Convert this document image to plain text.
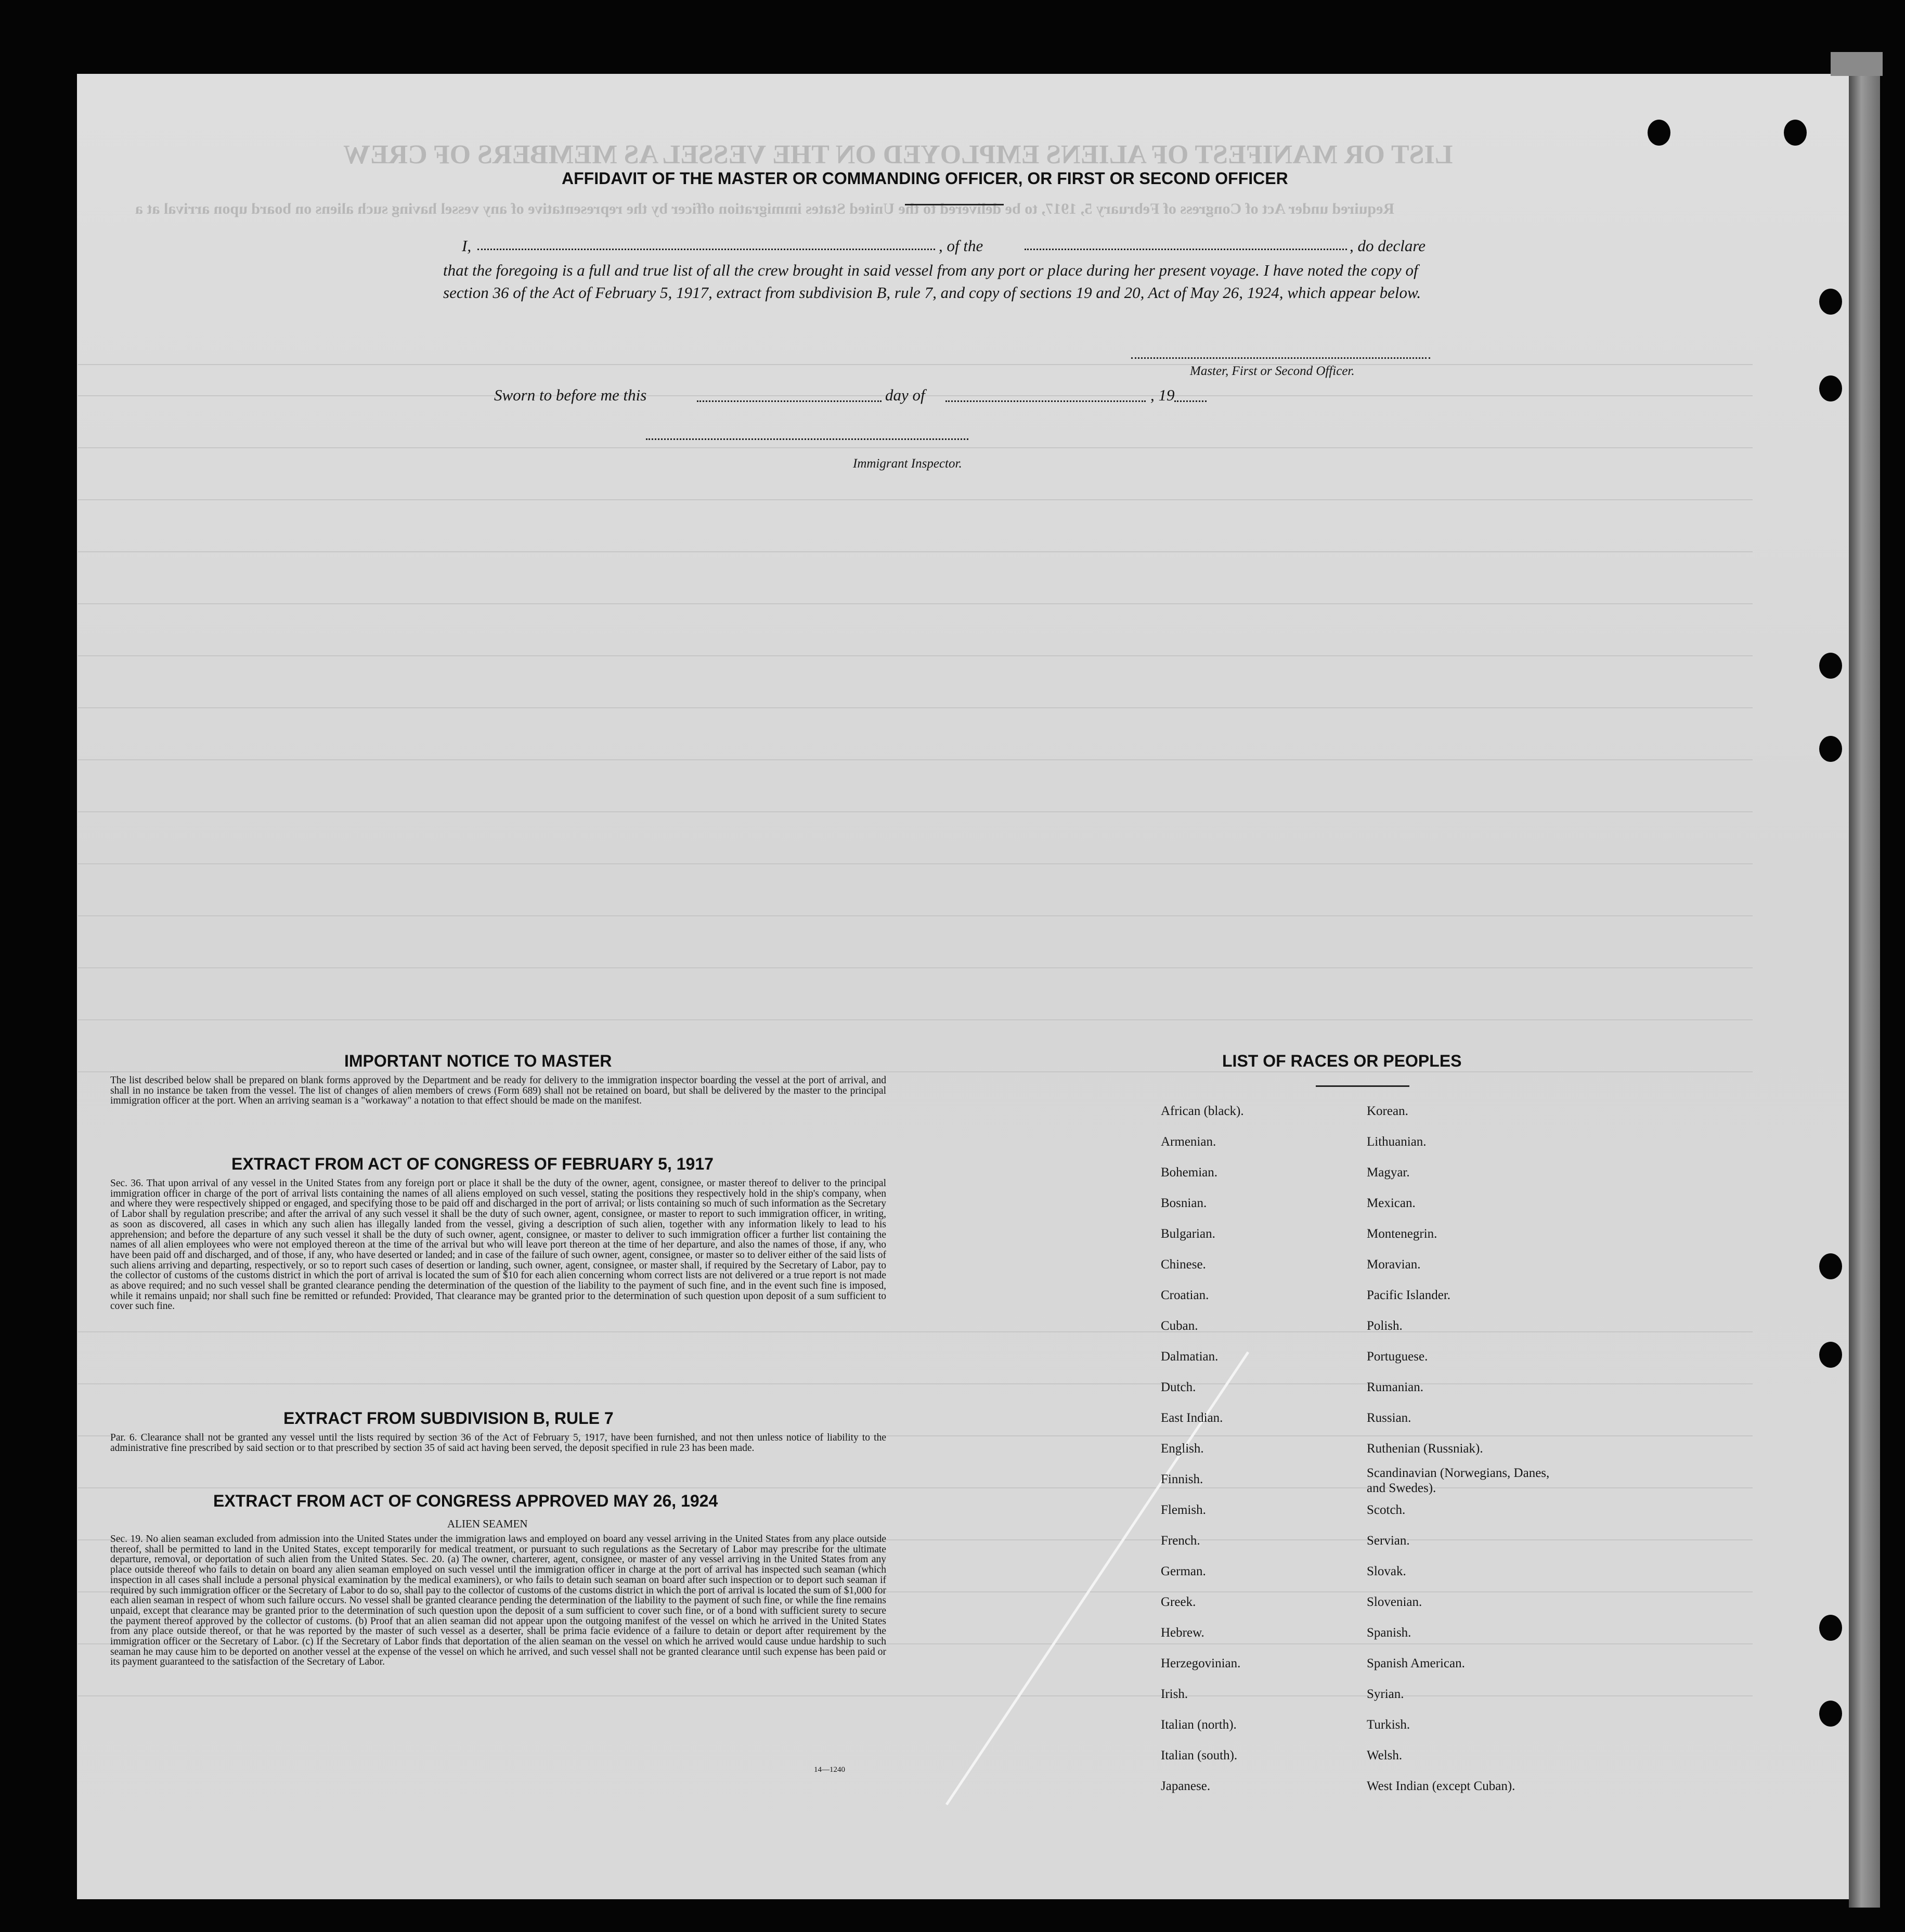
LIST OR MANIFEST OF ALIENS EMPLOYED ON THE VESSEL AS MEMBERS OF CREW
Required under Act of Congress of February 5, 1917, to be delivered to the United States immigration officer by the representative of any vessel having such aliens on board upon arrival at a
AFFIDAVIT OF THE MASTER OR COMMANDING OFFICER, OR FIRST OR SECOND OFFICER
I,	, of the	, do declare
that the foregoing is a full and true list of all the crew brought in said vessel from any port or place during her present voyage. I have noted the copy of section 36 of the Act of February 5, 1917, extract from subdivision B, rule 7, and copy of sections 19 and 20, Act of May 26, 1924, which appear below.
Master, First or Second Officer.
Sworn to before me this	day of	, 19
Immigrant Inspector.
IMPORTANT NOTICE TO MASTER
The list described below shall be prepared on blank forms approved by the Department and be ready for delivery to the immigration inspector boarding the vessel at the port of arrival, and shall in no instance be taken from the vessel. The list of changes of alien members of crews (Form 689) shall not be retained on board, but shall be delivered by the master to the principal immigration officer at the port. When an arriving seaman is a "workaway" a notation to that effect should be made on the manifest.
EXTRACT FROM ACT OF CONGRESS OF FEBRUARY 5, 1917
Sec. 36. That upon arrival of any vessel in the United States from any foreign port or place it shall be the duty of the owner, agent, consignee, or master thereof to deliver to the principal immigration officer in charge of the port of arrival lists containing the names of all aliens employed on such vessel, stating the positions they respectively hold in the ship's company, when and where they were respectively shipped or engaged, and specifying those to be paid off and discharged in the port of arrival; or lists containing so much of such information as the Secretary of Labor shall by regulation prescribe; and after the arrival of any such vessel it shall be the duty of such owner, agent, consignee, or master to report to such immigration officer, in writing, as soon as discovered, all cases in which any such alien has illegally landed from the vessel, giving a description of such alien, together with any information likely to lead to his apprehension; and before the departure of any such vessel it shall be the duty of such owner, agent, consignee, or master to deliver to such immigration officer a further list containing the names of all alien employees who were not employed thereon at the time of the arrival but who will leave port thereon at the time of her departure, and also the names of those, if any, who have been paid off and discharged, and of those, if any, who have deserted or landed; and in case of the failure of such owner, agent, consignee, or master so to deliver either of the said lists of such aliens arriving and departing, respectively, or so to report such cases of desertion or landing, such owner, agent, consignee, or master shall, if required by the Secretary of Labor, pay to the collector of customs of the customs district in which the port of arrival is located the sum of $10 for each alien concerning whom correct lists are not delivered or a true report is not made as above required; and no such vessel shall be granted clearance pending the determination of the question of the liability to the payment of such fine, and in the event such fine is imposed, while it remains unpaid; nor shall such fine be remitted or refunded: Provided, That clearance may be granted prior to the determination of such question upon deposit of a sum sufficient to cover such fine.
EXTRACT FROM SUBDIVISION B, RULE 7
Par. 6. Clearance shall not be granted any vessel until the lists required by section 36 of the Act of February 5, 1917, have been furnished, and not then unless notice of liability to the administrative fine prescribed by said section or to that prescribed by section 35 of said act having been served, the deposit specified in rule 23 has been made.
EXTRACT FROM ACT OF CONGRESS APPROVED MAY 26, 1924
ALIEN SEAMEN
Sec. 19. No alien seaman excluded from admission into the United States under the immigration laws and employed on board any vessel arriving in the United States from any place outside thereof, shall be permitted to land in the United States, except temporarily for medical treatment, or pursuant to such regulations as the Secretary of Labor may prescribe for the ultimate departure, removal, or deportation of such alien from the United States. Sec. 20. (a) The owner, charterer, agent, consignee, or master of any vessel arriving in the United States from any place outside thereof who fails to detain on board any alien seaman employed on such vessel until the immigration officer in charge at the port of arrival has inspected such seaman (which inspection in all cases shall include a personal physical examination by the medical examiners), or who fails to detain such seaman on board after such inspection or to deport such seaman if required by such immigration officer or the Secretary of Labor to do so, shall pay to the collector of customs of the customs district in which the port of arrival is located the sum of $1,000 for each alien seaman in respect of whom such failure occurs. No vessel shall be granted clearance pending the determination of the liability to the payment of such fine, or while the fine remains unpaid, except that clearance may be granted prior to the determination of such question upon the deposit of a sum sufficient to cover such fine, or of a bond with sufficient surety to secure the payment thereof approved by the collector of customs. (b) Proof that an alien seaman did not appear upon the outgoing manifest of the vessel on which he arrived in the United States from any place outside thereof, or that he was reported by the master of such vessel as a deserter, shall be prima facie evidence of a failure to detain or deport after requirement by the immigration officer or the Secretary of Labor. (c) If the Secretary of Labor finds that deportation of the alien seaman on the vessel on which he arrived would cause undue hardship to such seaman he may cause him to be deported on another vessel at the expense of the vessel on which he arrived, and such vessel shall not be granted clearance until such expense has been paid or its payment guaranteed to the satisfaction of the Secretary of Labor.
14—1240
LIST OF RACES OR PEOPLES
African (black).
Armenian.
Bohemian.
Bosnian.
Bulgarian.
Chinese.
Croatian.
Cuban.
Dalmatian.
Dutch.
East Indian.
English.
Finnish.
Flemish.
French.
German.
Greek.
Hebrew.
Herzegovinian.
Irish.
Italian (north).
Italian (south).
Japanese.
Korean.
Lithuanian.
Magyar.
Mexican.
Montenegrin.
Moravian.
Pacific Islander.
Polish.
Portuguese.
Rumanian.
Russian.
Ruthenian (Russniak).
Scandinavian (Norwegians, Danes, and Swedes).
Scotch.
Servian.
Slovak.
Slovenian.
Spanish.
Spanish American.
Syrian.
Turkish.
Welsh.
West Indian (except Cuban).
